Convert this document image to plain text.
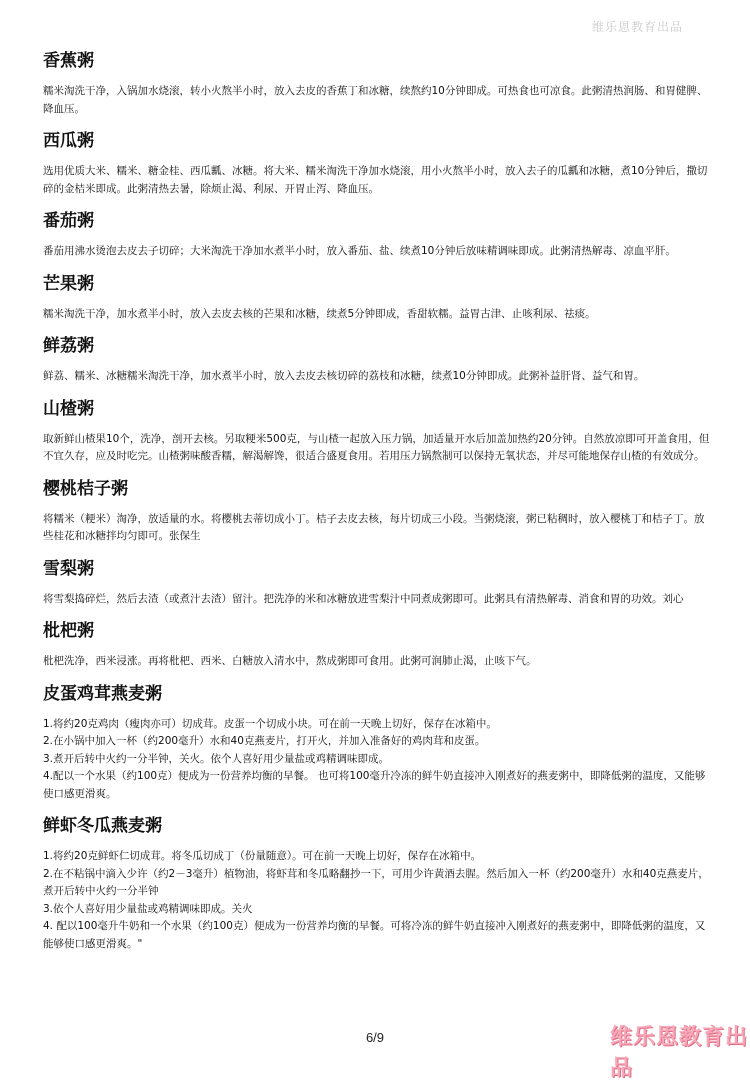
维乐恩教育出品
香蕉粥
糯米淘洗干净，入锅加水烧滚，转小火熬半小时，放入去皮的香蕉丁和冰糖，续熬约10分钟即成。可热食也可凉食。此粥清热润肠、和胃健脾、降血压。
西瓜粥
选用优质大米、糯米、糖金桂、西瓜瓤、冰糖。将大米、糯米淘洗干净加水烧滚，用小火熬半小时，放入去子的瓜瓤和冰糖，煮10分钟后，撒切碎的金桔米即成。此粥清热去暑，除烦止渴、利尿、开胃止泻、降血压。
番茄粥
番茄用沸水烫泡去皮去子切碎；大米淘洗干净加水煮半小时，放入番茄、盐、续煮10分钟后放味精调味即成。此粥清热解毒、凉血平肝。
芒果粥
糯米淘洗干净，加水煮半小时，放入去皮去核的芒果和冰糖，续煮5分钟即成，香甜软糯。益胃古津、止咳利尿、祛痰。
鲜荔粥
鲜荔、糯米、冰糖糯米淘洗干净，加水煮半小时，放入去皮去核切碎的荔枝和冰糖，续煮10分钟即成。此粥补益肝肾、益气和胃。
山楂粥
取新鲜山楂果10个，洗净，剖开去核。另取粳米500克，与山楂一起放入压力锅，加适量开水后加盖加热约20分钟。自然放凉即可开盖食用，但不宜久存，应及时吃完。山楂粥味酸香糯，解渴解馋，很适合盛夏食用。若用压力锅熬制可以保持无氧状态，并尽可能地保存山楂的有效成分。
樱桃桔子粥
将糯米（粳米）淘净，放适量的水。将樱桃去蒂切成小丁。桔子去皮去核，每片切成三小段。当粥烧滚，粥已粘稠时，放入樱桃丁和桔子丁。放些桂花和冰糖拌均匀即可。张保生
雪梨粥
将雪梨捣碎烂，然后去渣（或煮汁去渣）留汁。把洗净的米和冰糖放进雪梨汁中同煮成粥即可。此粥具有清热解毒、消食和胃的功效。刘心
枇杷粥
枇杷洗净，西米浸涨。再将枇杷、西米、白糖放入清水中，熬成粥即可食用。此粥可润肺止渴，止咳下气。
皮蛋鸡茸燕麦粥
1.将约20克鸡肉（瘦肉亦可）切成茸。皮蛋一个切成小块。可在前一天晚上切好，保存在冰箱中。
2.在小锅中加入一杯（约200毫升）水和40克燕麦片，打开火，并加入准备好的鸡肉茸和皮蛋。
3.煮开后转中火约一分半钟，关火。依个人喜好用少量盐或鸡精调味即成。
4.配以一个水果（约100克）便成为一份营养均衡的早餐。 也可将100毫升冷冻的鲜牛奶直接冲入刚煮好的燕麦粥中，即降低粥的温度，又能够使口感更滑爽。
鲜虾冬瓜燕麦粥
1.将约20克鲜虾仁切成茸。将冬瓜切成丁（份量随意）。可在前一天晚上切好，保存在冰箱中。
2.在不粘锅中滴入少许（约2－3毫升）植物油，将虾茸和冬瓜略翻抄一下，可用少许黄酒去腥。然后加入一杯（约200毫升）水和40克燕麦片，煮开后转中火约一分半钟
3.依个人喜好用少量盐或鸡精调味即成。关火
4. 配以100毫升牛奶和一个水果（约100克）便成为一份营养均衡的早餐。可将冷冻的鲜牛奶直接冲入刚煮好的燕麦粥中，即降低粥的温度，又能够使口感更滑爽。"
6/9	维乐恩教育出品
